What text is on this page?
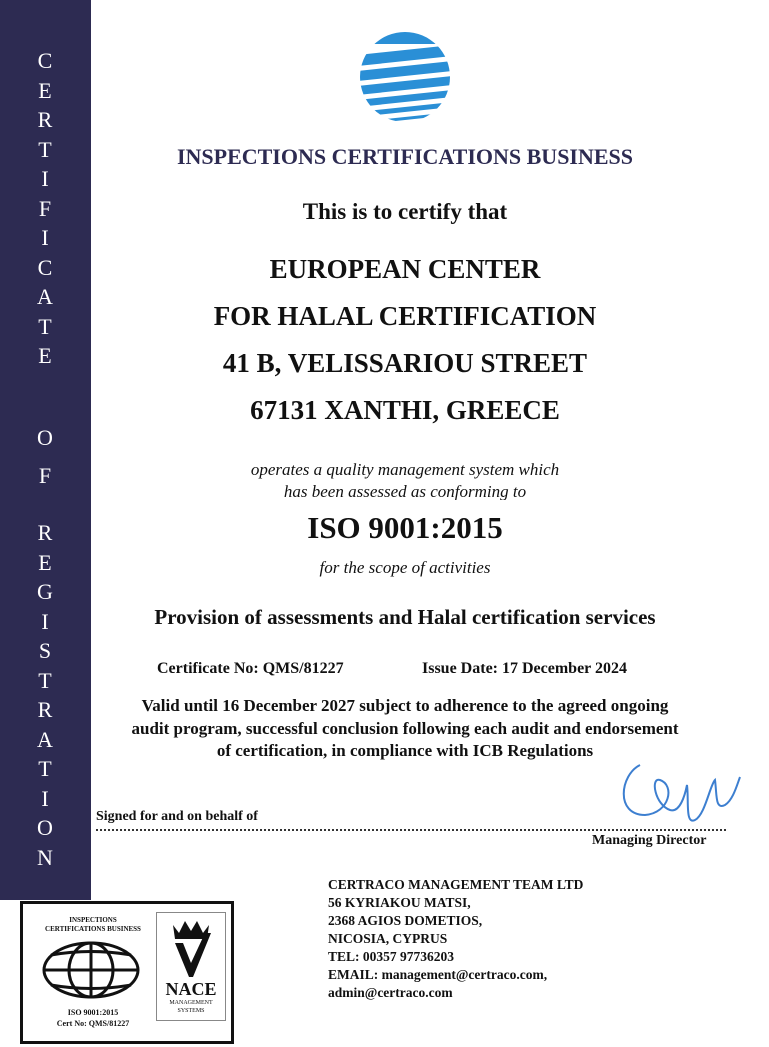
C
E
R
T
I
F
I
C
A
T
E
O
F
R
E
G
I
S
T
R
A
T
I
O
N
INSPECTIONS CERTIFICATIONS BUSINESS
This is to certify that
EUROPEAN CENTER
FOR HALAL CERTIFICATION
41 B, VELISSARIOU STREET
67131 XANTHI, GREECE
operates a quality management system which
has been assessed as conforming to
ISO 9001:2015
for the scope of activities
Provision of assessments and Halal certification services
Certificate No: QMS/81227	Issue Date: 17 December 2024
Valid until 16 December 2027 subject to adherence to the agreed ongoing
audit program, successful conclusion following each audit and endorsement
of certification, in compliance with ICB Regulations
Signed for and on behalf of
Managing Director
CERTRACO MANAGEMENT TEAM LTD
56 KYRIAKOU MATSI,
2368 AGIOS DOMETIOS,
NICOSIA, CYPRUS
TEL: 00357 97736203
EMAIL: management@certraco.com,
admin@certraco.com
INSPECTIONS
CERTIFICATIONS BUSINESS
ISO 9001:2015
Cert No: QMS/81227
NACE
MANAGEMENT
SYSTEMS
